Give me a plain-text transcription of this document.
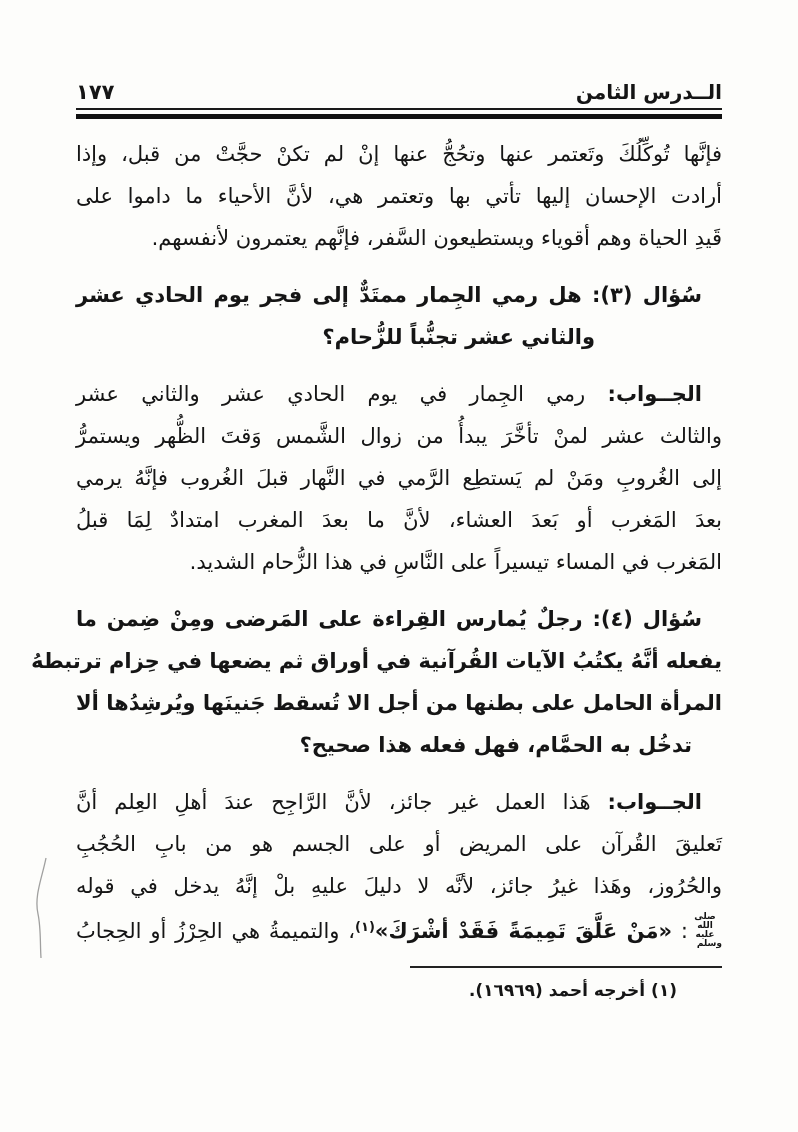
١٧٧	الــدرس الثامن
فإنَّها تُوكِّلُكَ وتَعتمر عنها وتحُجُّ عنها إنْ لم تكنْ حجَّتْ من قبل، وإذا
أرادت الإحسان إليها تأتي بها وتعتمر هي، لأنَّ الأحياء ما داموا على
قَيدِ الحياة وهم أقوياء ويستطيعون السَّفر، فإنَّهم يعتمرون لأنفسهم.
سُؤال (٣): هل رمي الجِمار ممتَدٌّ إلى فجر يوم الحادي عشر
والثاني عشر تجنُّباً للزُّحام؟
الجــواب: رمي الجِمار في يوم الحادي عشر والثاني عشر
والثالث عشر لمنْ تأخَّرَ يبدأُ من زوال الشَّمس وَقتَ الظُّهر ويستمرُّ
إلى الغُروبِ ومَنْ لم يَستطِع الرَّمي في النَّهار قبلَ الغُروب فإنَّهُ يرمي
بعدَ المَغرب أو بَعدَ العشاء، لأنَّ ما بعدَ المغرب امتدادٌ لِمَا قبلُ
المَغرب في المساء تيسيراً على النَّاسِ في هذا الزُّحام الشديد.
سُؤال (٤): رجلٌ يُمارس القِراءة على المَرضى ومِنْ ضِمن ما
يفعله أنَّهُ يكتُبُ الآيات القُرآنية في أوراق ثم يضعها في حِزام ترتبطهُ
المرأة الحامل على بطنها من أجل الا تُسقط جَنينَها ويُرشِدُها ألا
تدخُل به الحمَّام، فهل فعله هذا صحيح؟
الجــواب: هَذا العمل غير جائز، لأنَّ الرَّاجِح عندَ أهلِ العِلم أنَّ
تَعليقَ القُرآن على المريض أو على الجسم هو من بابِ الحُجُبِ
والحُرُوز، وهَذا غيرُ جائز، لأنَّه لا دليلَ عليهِ بلْ إنَّهُ يدخل في قوله
صلى الله عليه وسلم: «مَنْ عَلَّقَ تَمِيمَةً فَقَدْ أشْرَكَ»$^{(١)}$، والتميمةُ هي الحِرْزُ أو الحِجابُ
(١) أخرجه أحمد (١٦٩٦٩).
